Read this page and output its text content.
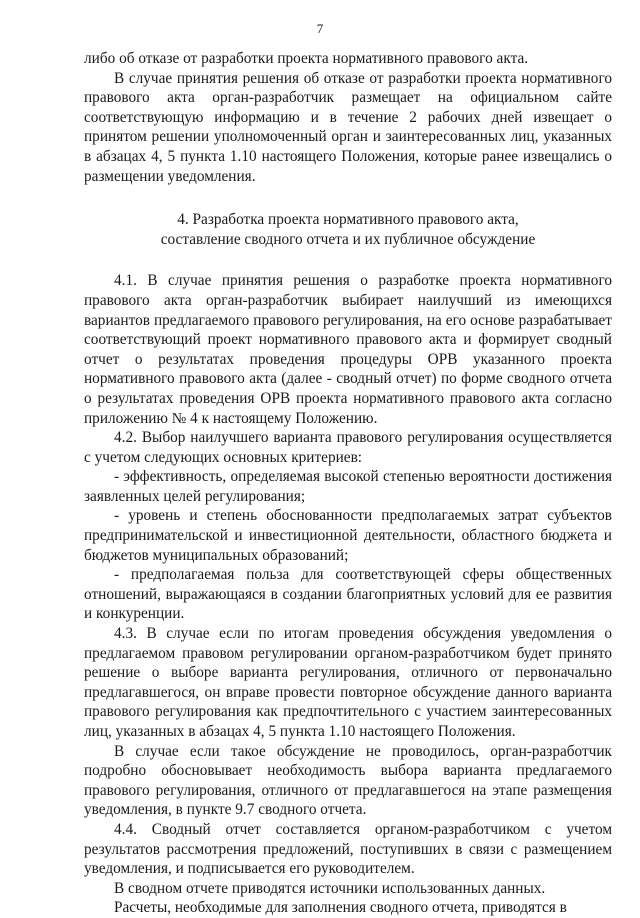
7

либо об отказе от разработки проекта нормативного правового акта.

В случае принятия решения об отказе от разработки проекта нормативного правового акта орган-разработчик размещает на официальном сайте соответствующую информацию и в течение 2 рабочих дней извещает о принятом решении уполномоченный орган и заинтересованных лиц, указанных в абзацах 4, 5 пункта 1.10 настоящего Положения, которые ранее извещались о размещении уведомления.

4. Разработка проекта нормативного правового акта,
составление сводного отчета и их публичное обсуждение

4.1. В случае принятия решения о разработке проекта нормативного правового акта орган-разработчик выбирает наилучший из имеющихся вариантов предлагаемого правового регулирования, на его основе разрабатывает соответствующий проект нормативного правового акта и формирует сводный отчет о результатах проведения процедуры ОРВ указанного проекта нормативного правового акта (далее - сводный отчет) по форме сводного отчета о результатах проведения ОРВ проекта нормативного правового акта согласно приложению № 4 к настоящему Положению.

4.2. Выбор наилучшего варианта правового регулирования осуществляется с учетом следующих основных критериев:

- эффективность, определяемая высокой степенью вероятности достижения заявленных целей регулирования;

- уровень и степень обоснованности предполагаемых затрат субъектов предпринимательской и инвестиционной деятельности, областного бюджета и бюджетов муниципальных образований;

- предполагаемая польза для соответствующей сферы общественных отношений, выражающаяся в создании благоприятных условий для ее развития и конкуренции.

4.3. В случае если по итогам проведения обсуждения уведомления о предлагаемом правовом регулировании органом-разработчиком будет принято решение о выборе варианта регулирования, отличного от первоначально предлагавшегося, он вправе провести повторное обсуждение данного варианта правового регулирования как предпочтительного с участием заинтересованных лиц, указанных в абзацах 4, 5 пункта 1.10 настоящего Положения.

В случае если такое обсуждение не проводилось, орган-разработчик подробно обосновывает необходимость выбора варианта предлагаемого правового регулирования, отличного от предлагавшегося на этапе размещения уведомления, в пункте 9.7 сводного отчета.

4.4. Сводный отчет составляется органом-разработчиком с учетом результатов рассмотрения предложений, поступивших в связи с размещением уведомления, и подписывается его руководителем.

В сводном отчете приводятся источники использованных данных.

Расчеты, необходимые для заполнения сводного отчета, приводятся в
